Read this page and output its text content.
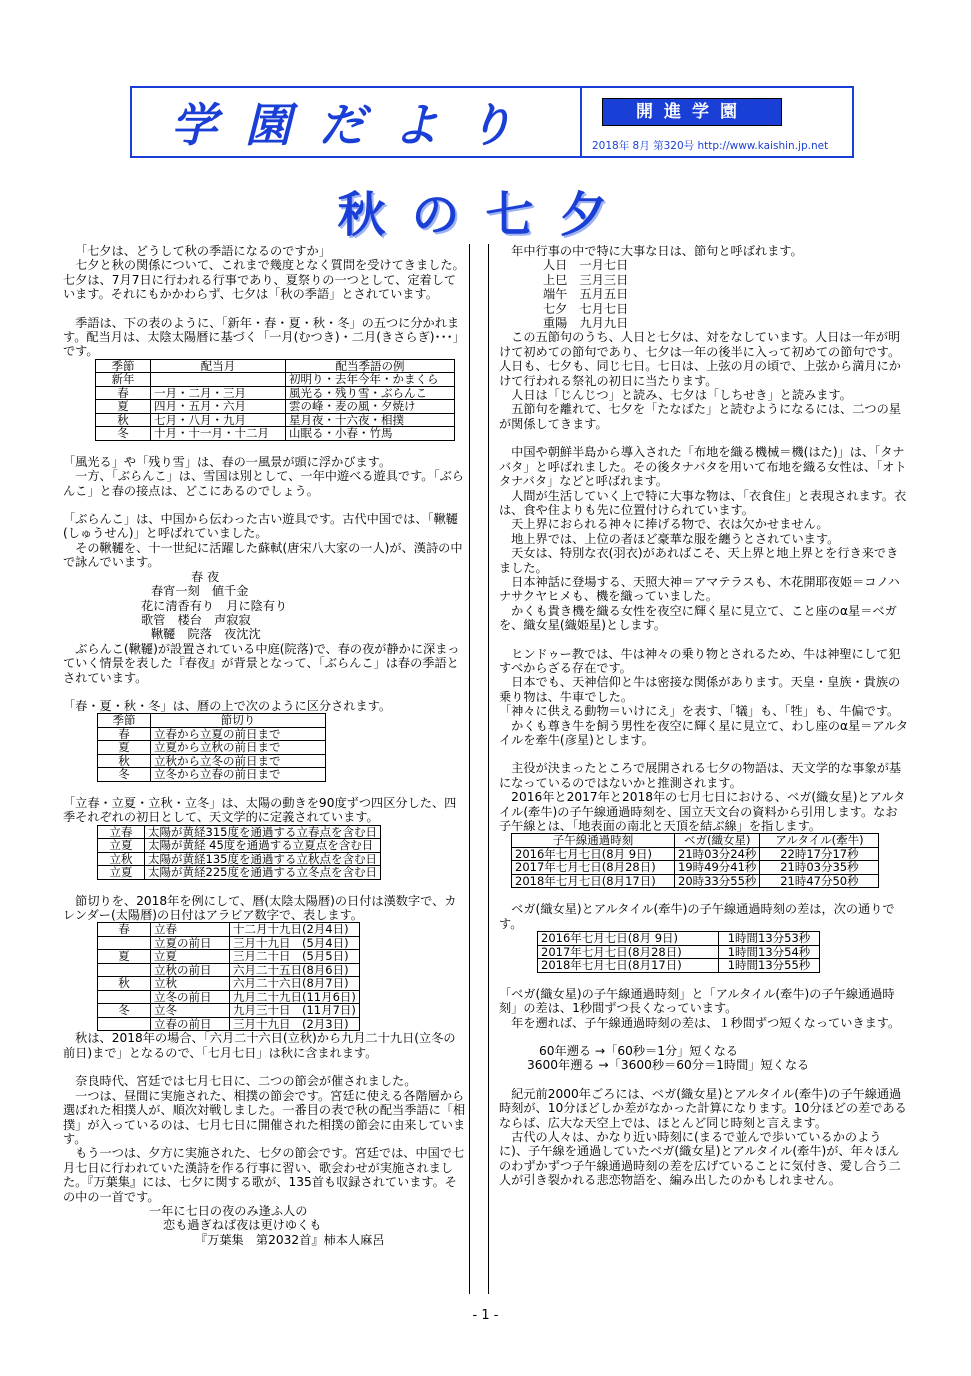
学園だより	開進学園
2018年 8月 第320号 http://www.kaishin.jp.net
秋の七夕

「七夕は、どうして秋の季語になるのですか」

　七夕と秋の関係について、これまで幾度となく質問を受けてきました。七夕は、7月7日に行われる行事であり、夏祭りの一つとして、定着しています。それにもかかわらず、七夕は「秋の季語」とされています。

　季語は、下の表のように、「新年・春・夏・秋・冬」の五つに分かれます。配当月は、太陰太陽暦に基づく「一月(むつき)・二月(きさらぎ)･･･」です。

季節	配当月	配当季語の例
新年		初明り・去年今年・かまくら
春	一月・二月・三月	風光る・残り雪・ぶらんこ
夏	四月・五月・六月	雲の峰・麦の風・夕焼け
秋	七月・八月・九月	星月夜・十六夜・相撲
冬	十月・十一月・十二月	山眠る・小春・竹馬

「風光る」や「残り雪」は、春の一風景が頭に浮かびます。

　一方、「ぶらんこ」は、雪国は別として、一年中遊べる遊具です。「ぶらんこ」と春の接点は、どこにあるのでしょう。

「ぶらんこ」は、中国から伝わった古い遊具です。古代中国では、「鞦韆(しゅうせん)」と呼ばれていました。

　その鞦韆を、十一世紀に活躍した蘇軾(唐宋八大家の一人)が、漢詩の中で詠んでいます。

春 夜

春宵一刻　値千金

花に清香有り　月に陰有り

歌管　楼台　声寂寂

鞦韆　院落　夜沈沈

　ぶらんこ(鞦韆)が設置されている中庭(院落)で、春の夜が静かに深まっていく情景を表した『春夜』が背景となって、「ぶらんこ」は春の季語とされています。

「春・夏・秋・冬」は、暦の上で次のように区分されます。

季節	節切り
春	立春から立夏の前日まで
夏	立夏から立秋の前日まで
秋	立秋から立冬の前日まで
冬	立冬から立春の前日まで

「立春・立夏・立秋・立冬」は、太陽の動きを90度ずつ四区分した、四季それぞれの初日として、天文学的に定義されています。

立春	太陽が黄経315度を通過する立春点を含む日
立夏	太陽が黄経 45度を通過する立夏点を含む日
立秋	太陽が黄経135度を通過する立秋点を含む日
立夏	太陽が黄経225度を通過する立冬点を含む日

　節切りを、2018年を例にして、暦(太陰太陽暦)の日付は漢数字で、カレンダー(太陽暦)の日付はアラビア数字で、表します。

春	立春	十二月十九日(2月4日)
	立夏の前日	三月十九日　(5月4日)
夏	立夏	三月二十日　(5月5日)
	立秋の前日	六月二十五日(8月6日)
秋	立秋	六月二十六日(8月7日)
	立冬の前日	九月二十九日(11月6日)
冬	立冬	九月三十日　(11月7日)
	立春の前日	三月十九日　(2月3日)

　秋は、2018年の場合、「六月二十六日(立秋)から九月二十九日(立冬の前日)まで」となるので、「七月七日」は秋に含まれます。

　奈良時代、宮廷では七月七日に、二つの節会が催されました。

　一つは、昼間に実施された、相撲の節会です。宮廷に使える各階層から選ばれた相撲人が、順次対戦しました。一番目の表で秋の配当季語に「相撲」が入っているのは、七月七日に開催された相撲の節会に由来しています。

　もう一つは、夕方に実施された、七夕の節会です。宮廷では、中国で七月七日に行われていた漢詩を作る行事に習い、歌会わせが実施されました。『万葉集』には、七夕に関する歌が、135首も収録されています。その中の一首です。

一年に七日の夜のみ逢ふ人の

恋も過ぎねば夜は更けゆくも

『万葉集　第2032首』柿本人麻呂

　年中行事の中で特に大事な日は、節句と呼ばれます。

人日　一月七日

上巳　三月三日

端午　五月五日

七夕　七月七日

重陽　九月九日

　この五節句のうち、人日と七夕は、対をなしています。人日は一年が明けて初めての節句であり、七夕は一年の後半に入って初めての節句です。人日も、七夕も、同じ七日。七日は、上弦の月の頃で、上弦から満月にかけて行われる祭礼の初日に当たります。

　人日は「じんじつ」と読み、七夕は「しちせき」と読みます。

　五節句を離れて、七夕を「たなばた」と読むようになるには、二つの星が関係してきます。

　中国や朝鮮半島から導入された「布地を織る機械＝機(はた)」は、「タナバタ」と呼ばれました。その後タナバタを用いて布地を織る女性は、「オトタナバタ」などと呼ばれます。

　人間が生活していく上で特に大事な物は、「衣食住」と表現されます。衣は、食や住よりも先に位置付けられています。

　天上界におられる神々に捧げる物で、衣は欠かせません。

　地上界では、上位の者ほど豪華な服を纏うとされています。

　天女は、特別な衣(羽衣)があればこそ、天上界と地上界とを行き来できました。

　日本神話に登場する、天照大神＝アマテラスも、木花開耶夜姫＝コノハナサクヤヒメも、機を織っていました。

　かくも貴き機を織る女性を夜空に輝く星に見立て、こと座のα星＝ベガを、織女星(織姫星)とします。

　ヒンドゥー教では、牛は神々の乗り物とされるため、牛は神聖にして犯すべからざる存在です。

　日本でも、天神信仰と牛は密接な関係があります。天皇・皇族・貴族の乗り物は、牛車でした。

「神々に供える動物＝いけにえ」を表す、「犠」も、「牲」も、牛偏です。

　かくも尊き牛を飼う男性を夜空に輝く星に見立て、わし座のα星＝アルタイルを牽牛(彦星)とします。

　主役が決まったところで展開される七夕の物語は、天文学的な事象が基になっているのではないかと推測されます。

　2016年と2017年と2018年の七月七日における、ベガ(織女星)とアルタイル(牽牛)の子午線通過時刻を、国立天文台の資料から引用します。なお子午線とは、「地表面の南北と天頂を結ぶ線」を指します。

子午線通過時刻	ベガ(織女星)	アルタイル(牽牛)
2016年七月七日(8月 9日)	21時03分24秒	22時17分17秒
2017年七月七日(8月28日)	19時49分41秒	21時03分35秒
2018年七月七日(8月17日)	20時33分55秒	21時47分50秒

　ベガ(織女星)とアルタイル(牽牛)の子午線通過時刻の差は，次の通りです。

2016年七月七日(8月 9日)	1時間13分53秒
2017年七月七日(8月28日)	1時間13分54秒
2018年七月七日(8月17日)	1時間13分55秒

「ベガ(織女星)の子午線通過時刻」と「アルタイル(牽牛)の子午線通過時刻」の差は、1秒間ずつ長くなっています。

　年を遡れば、子午線通過時刻の差は、１秒間ずつ短くなっていきます。

60年遡る →「60秒＝1分」短くなる

3600年遡る →「3600秒＝60分＝1時間」短くなる

　紀元前2000年ごろには、ベガ(織女星)とアルタイル(牽牛)の子午線通過時刻が、10分ほどしか差がなかった計算になります。10分ほどの差であるならば、広大な天空上では、ほとんど同じ時刻と言えます。

　古代の人々は、かなり近い時刻に(まるで並んで歩いているかのように)、子午線を通過していたベガ(織女星)とアルタイル(牽牛)が、年々ほんのわずかずつ子午線通過時刻の差を広げていることに気付き、愛し合う二人が引き裂かれる悲恋物語を、編み出したのかもしれません。

- 1 -
